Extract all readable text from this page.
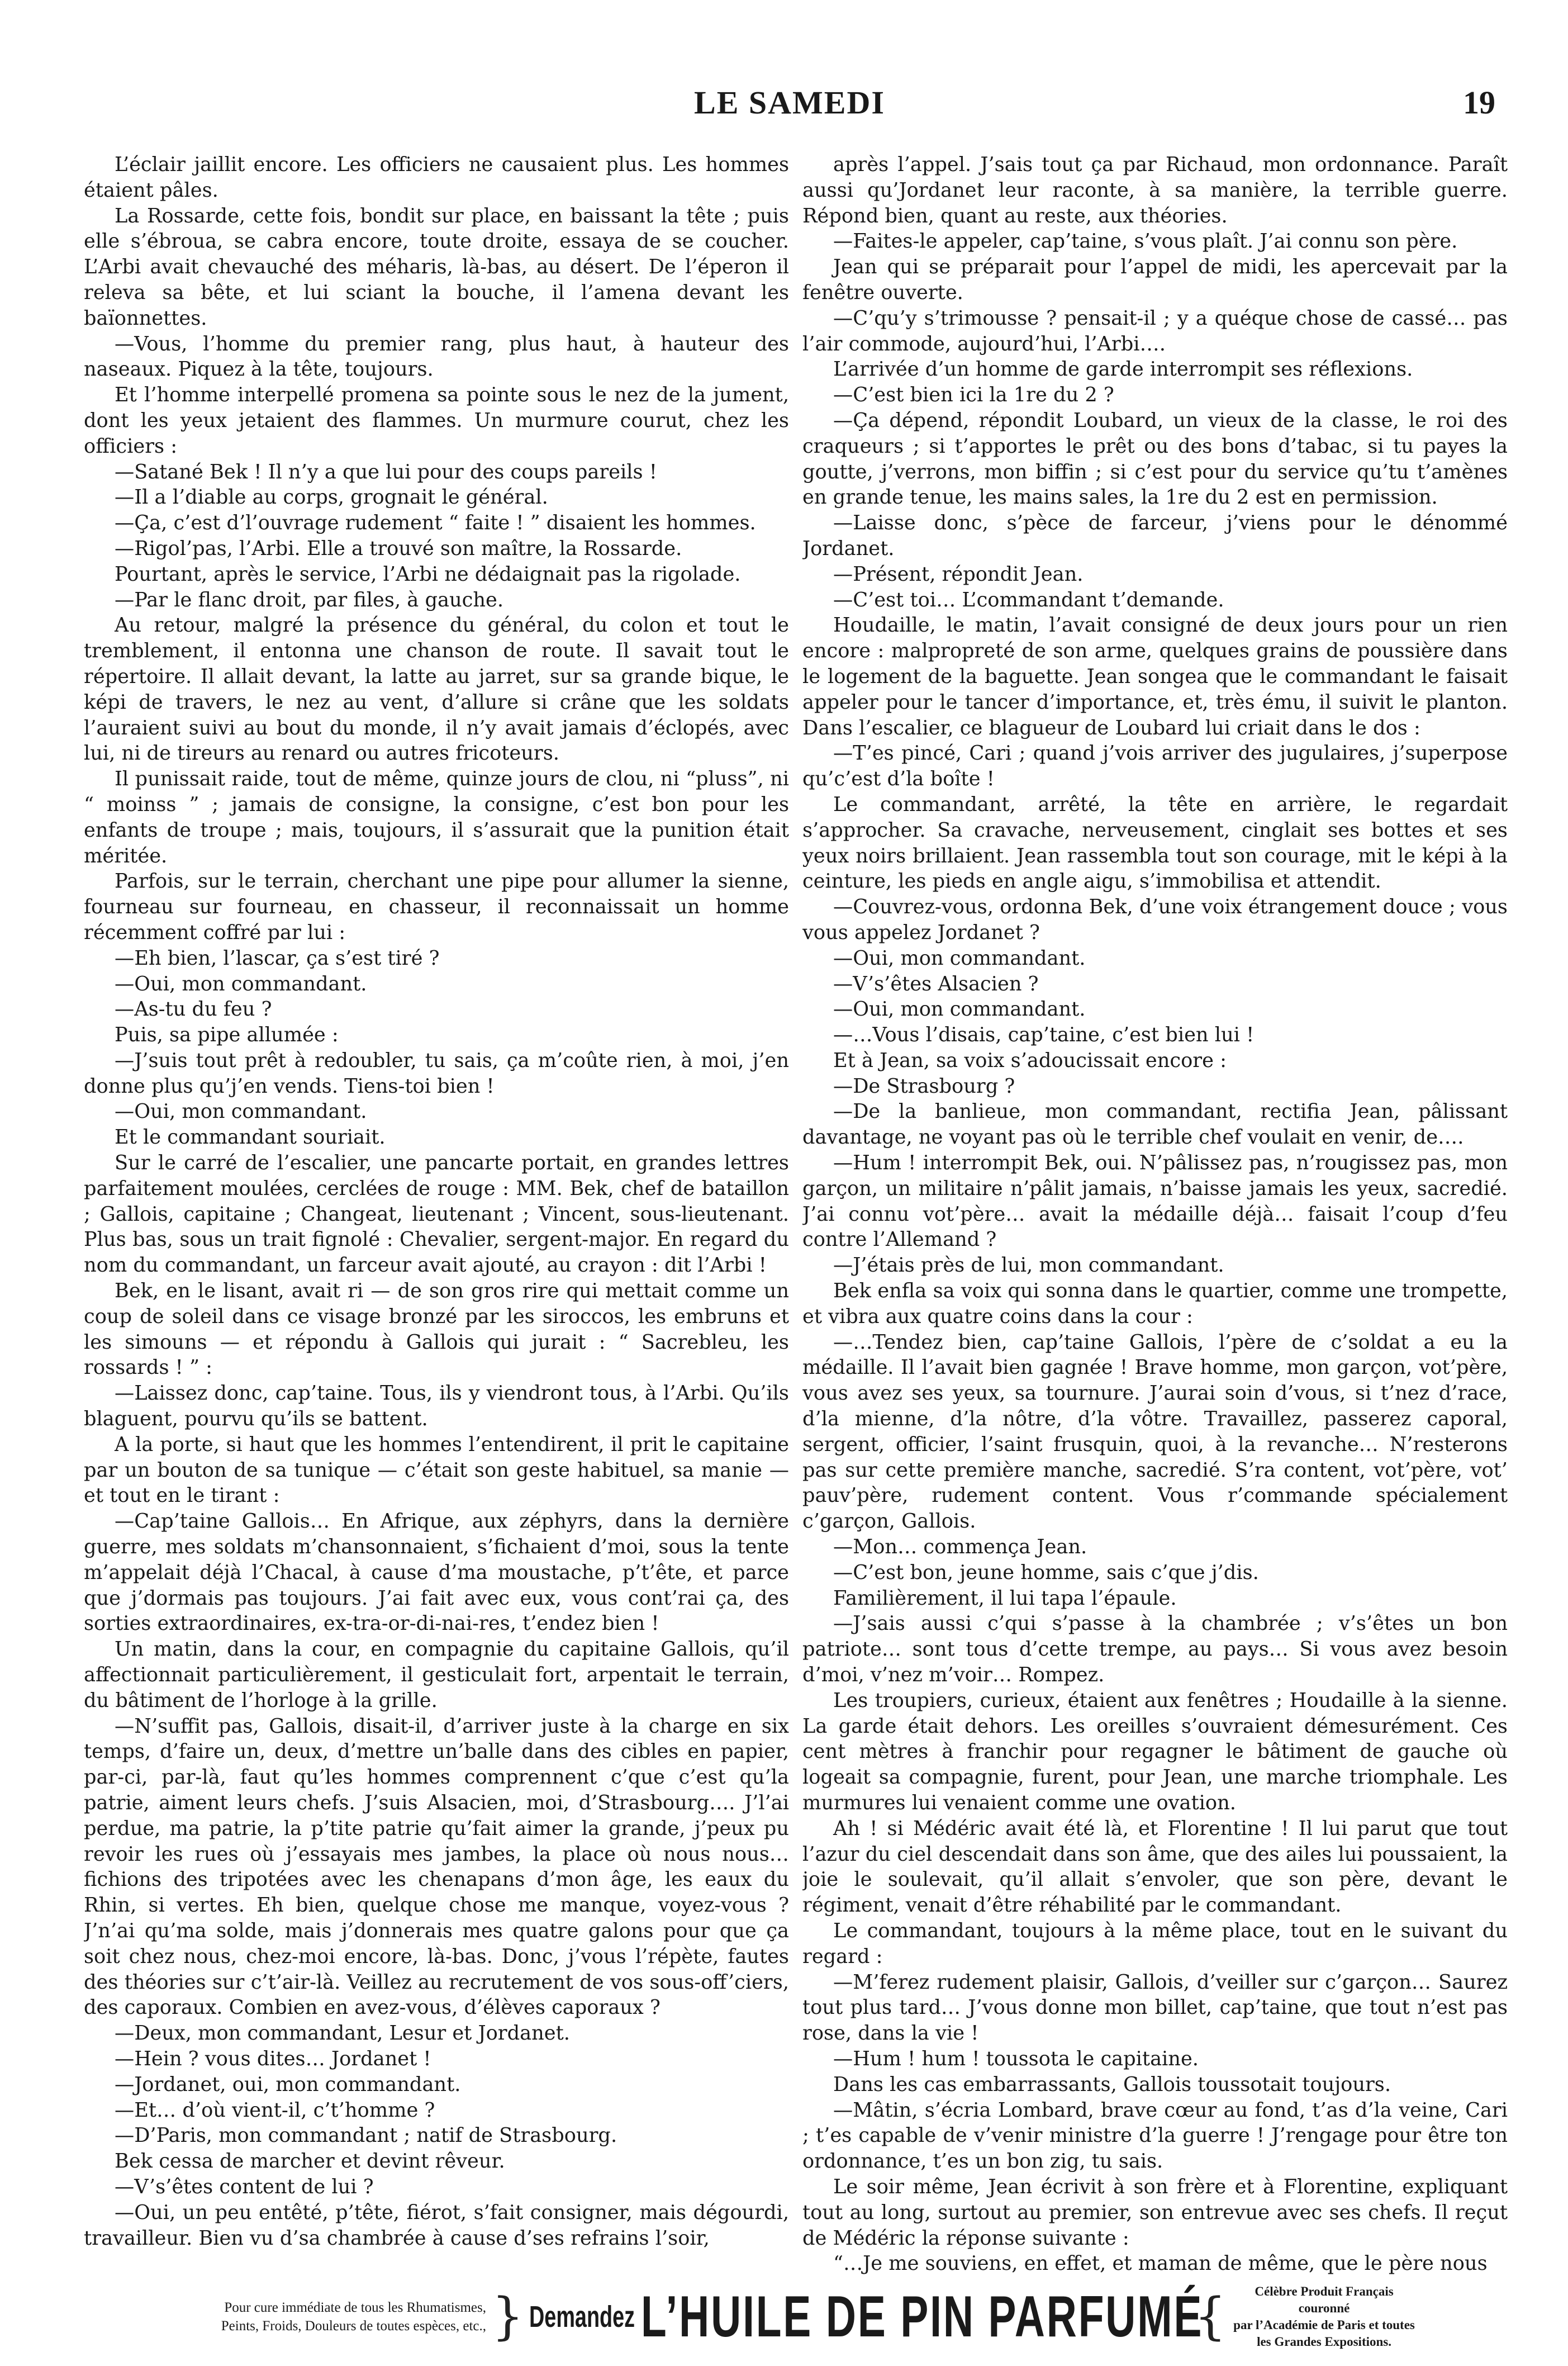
LE SAMEDI	19

L’éclair jaillit encore. Les officiers ne causaient plus. Les hommes étaient pâles.

La Rossarde, cette fois, bondit sur place, en baissant la tête ; puis elle s’ébroua, se cabra encore, toute droite, essaya de se coucher. L’Arbi avait chevauché des méharis, là-bas, au désert. De l’éperon il releva sa bête, et lui sciant la bouche, il l’amena devant les baïonnettes.

—Vous, l’homme du premier rang, plus haut, à hauteur des naseaux. Piquez à la tête, toujours.

Et l’homme interpellé promena sa pointe sous le nez de la jument, dont les yeux jetaient des flammes. Un murmure courut, chez les officiers :

—Satané Bek ! Il n’y a que lui pour des coups pareils !

—Il a l’diable au corps, grognait le général.

—Ça, c’est d’l’ouvrage rudement “ faite ! ” disaient les hommes.

—Rigol’pas, l’Arbi. Elle a trouvé son maître, la Rossarde.

Pourtant, après le service, l’Arbi ne dédaignait pas la rigolade.

—Par le flanc droit, par files, à gauche.

Au retour, malgré la présence du général, du colon et tout le tremblement, il entonna une chanson de route. Il savait tout le répertoire. Il allait devant, la latte au jarret, sur sa grande bique, le képi de travers, le nez au vent, d’allure si crâne que les soldats l’auraient suivi au bout du monde, il n’y avait jamais d’éclopés, avec lui, ni de tireurs au renard ou autres fricoteurs.

Il punissait raide, tout de même, quinze jours de clou, ni “pluss”, ni “ moinss ” ; jamais de consigne, la consigne, c’est bon pour les enfants de troupe ; mais, toujours, il s’assurait que la punition était méritée.

Parfois, sur le terrain, cherchant une pipe pour allumer la sienne, fourneau sur fourneau, en chasseur, il reconnaissait un homme récemment coffré par lui :

—Eh bien, l’lascar, ça s’est tiré ?

—Oui, mon commandant.

—As-tu du feu ?

Puis, sa pipe allumée :

—J’suis tout prêt à redoubler, tu sais, ça m’coûte rien, à moi, j’en donne plus qu’j’en vends. Tiens-toi bien !

—Oui, mon commandant.

Et le commandant souriait.

Sur le carré de l’escalier, une pancarte portait, en grandes lettres parfaitement moulées, cerclées de rouge : MM. Bek, chef de bataillon ; Gallois, capitaine ; Changeat, lieutenant ; Vincent, sous-lieutenant. Plus bas, sous un trait fignolé : Chevalier, sergent-major. En regard du nom du commandant, un farceur avait ajouté, au crayon : dit l’Arbi !

Bek, en le lisant, avait ri — de son gros rire qui mettait comme un coup de soleil dans ce visage bronzé par les siroccos, les embruns et les simouns — et répondu à Gallois qui jurait : “ Sacrebleu, les rossards ! ” :

—Laissez donc, cap’taine. Tous, ils y viendront tous, à l’Arbi. Qu’ils blaguent, pourvu qu’ils se battent.

A la porte, si haut que les hommes l’entendirent, il prit le capitaine par un bouton de sa tunique — c’était son geste habituel, sa manie — et tout en le tirant :

—Cap’taine Gallois… En Afrique, aux zéphyrs, dans la dernière guerre, mes soldats m’chansonnaient, s’fichaient d’moi, sous la tente m’appelait déjà l’Chacal, à cause d’ma moustache, p’t’ête, et parce que j’dormais pas toujours. J’ai fait avec eux, vous cont’rai ça, des sorties extraordinaires, ex-tra-or-di-nai-res, t’endez bien !

Un matin, dans la cour, en compagnie du capitaine Gallois, qu’il affectionnait particulièrement, il gesticulait fort, arpentait le terrain, du bâtiment de l’horloge à la grille.

—N’suffit pas, Gallois, disait-il, d’arriver juste à la charge en six temps, d’faire un, deux, d’mettre un’balle dans des cibles en papier, par-ci, par-là, faut qu’les hommes comprennent c’que c’est qu’la patrie, aiment leurs chefs. J’suis Alsacien, moi, d’Strasbourg…. J’l’ai perdue, ma patrie, la p’tite patrie qu’fait aimer la grande, j’peux pu revoir les rues où j’essayais mes jambes, la place où nous nous… fichions des tripotées avec les chenapans d’mon âge, les eaux du Rhin, si vertes. Eh bien, quelque chose me manque, voyez-vous ? J’n’ai qu’ma solde, mais j’donnerais mes quatre galons pour que ça soit chez nous, chez-moi encore, là-bas. Donc, j’vous l’répète, fautes des théories sur c’t’air-là. Veillez au recrutement de vos sous-off’ciers, des caporaux. Combien en avez-vous, d’élèves caporaux ?

—Deux, mon commandant, Lesur et Jordanet.

—Hein ? vous dites… Jordanet !

—Jordanet, oui, mon commandant.

—Et… d’où vient-il, c’t’homme ?

—D’Paris, mon commandant ; natif de Strasbourg.

Bek cessa de marcher et devint rêveur.

—V’s’êtes content de lui ?

—Oui, un peu entêté, p’tête, fiérot, s’fait consigner, mais dégourdi, travailleur. Bien vu d’sa chambrée à cause d’ses refrains l’soir,

après l’appel. J’sais tout ça par Richaud, mon ordonnance. Paraît aussi qu’Jordanet leur raconte, à sa manière, la terrible guerre. Répond bien, quant au reste, aux théories.

—Faites-le appeler, cap’taine, s’vous plaît. J’ai connu son père.

Jean qui se préparait pour l’appel de midi, les apercevait par la fenêtre ouverte.

—C’qu’y s’trimousse ? pensait-il ; y a quéque chose de cassé… pas l’air commode, aujourd’hui, l’Arbi….

L’arrivée d’un homme de garde interrompit ses réflexions.

—C’est bien ici la 1re du 2 ?

—Ça dépend, répondit Loubard, un vieux de la classe, le roi des craqueurs ; si t’apportes le prêt ou des bons d’tabac, si tu payes la goutte, j’verrons, mon biffin ; si c’est pour du service qu’tu t’amènes en grande tenue, les mains sales, la 1re du 2 est en permission.

—Laisse donc, s’pèce de farceur, j’viens pour le dénommé Jordanet.

—Présent, répondit Jean.

—C’est toi… L’commandant t’demande.

Houdaille, le matin, l’avait consigné de deux jours pour un rien encore : malpropreté de son arme, quelques grains de poussière dans le logement de la baguette. Jean songea que le commandant le faisait appeler pour le tancer d’importance, et, très ému, il suivit le planton. Dans l’escalier, ce blagueur de Loubard lui criait dans le dos :

—T’es pincé, Cari ; quand j’vois arriver des jugulaires, j’superpose qu’c’est d’la boîte !

Le commandant, arrêté, la tête en arrière, le regardait s’approcher. Sa cravache, nerveusement, cinglait ses bottes et ses yeux noirs brillaient. Jean rassembla tout son courage, mit le képi à la ceinture, les pieds en angle aigu, s’immobilisa et attendit.

—Couvrez-vous, ordonna Bek, d’une voix étrangement douce ; vous vous appelez Jordanet ?

—Oui, mon commandant.

—V’s’êtes Alsacien ?

—Oui, mon commandant.

—…Vous l’disais, cap’taine, c’est bien lui !

Et à Jean, sa voix s’adoucissait encore :

—De Strasbourg ?

—De la banlieue, mon commandant, rectifia Jean, pâlissant davantage, ne voyant pas où le terrible chef voulait en venir, de….

—Hum ! interrompit Bek, oui. N’pâlissez pas, n’rougissez pas, mon garçon, un militaire n’pâlit jamais, n’baisse jamais les yeux, sacredié. J’ai connu vot’père… avait la médaille déjà… faisait l’coup d’feu contre l’Allemand ?

—J’étais près de lui, mon commandant.

Bek enfla sa voix qui sonna dans le quartier, comme une trompette, et vibra aux quatre coins dans la cour :

—…Tendez bien, cap’taine Gallois, l’père de c’soldat a eu la médaille. Il l’avait bien gagnée ! Brave homme, mon garçon, vot’père, vous avez ses yeux, sa tournure. J’aurai soin d’vous, si t’nez d’race, d’la mienne, d’la nôtre, d’la vôtre. Travaillez, passerez caporal, sergent, officier, l’saint frusquin, quoi, à la revanche… N’resterons pas sur cette première manche, sacredié. S’ra content, vot’père, vot’ pauv’père, rudement content. Vous r’commande spécialement c’garçon, Gallois.

—Mon… commença Jean.

—C’est bon, jeune homme, sais c’que j’dis.

Familièrement, il lui tapa l’épaule.

—J’sais aussi c’qui s’passe à la chambrée ; v’s’êtes un bon patriote… sont tous d’cette trempe, au pays… Si vous avez besoin d’moi, v’nez m’voir… Rompez.

Les troupiers, curieux, étaient aux fenêtres ; Houdaille à la sienne. La garde était dehors. Les oreilles s’ouvraient démesurément. Ces cent mètres à franchir pour regagner le bâtiment de gauche où logeait sa compagnie, furent, pour Jean, une marche triomphale. Les murmures lui venaient comme une ovation.

Ah ! si Médéric avait été là, et Florentine ! Il lui parut que tout l’azur du ciel descendait dans son âme, que des ailes lui poussaient, la joie le soulevait, qu’il allait s’envoler, que son père, devant le régiment, venait d’être réhabilité par le commandant.

Le commandant, toujours à la même place, tout en le suivant du regard :

—M’ferez rudement plaisir, Gallois, d’veiller sur c’garçon… Saurez tout plus tard… J’vous donne mon billet, cap’taine, que tout n’est pas rose, dans la vie !

—Hum ! hum ! toussota le capitaine.

Dans les cas embarrassants, Gallois toussotait toujours.

—Mâtin, s’écria Lombard, brave cœur au fond, t’as d’la veine, Cari ; t’es capable de v’venir ministre d’la guerre ! J’rengage pour être ton ordonnance, t’es un bon zig, tu sais.

Le soir même, Jean écrivit à son frère et à Florentine, expliquant tout au long, surtout au premier, son entrevue avec ses chefs. Il reçut de Médéric la réponse suivante :

“…Je me souviens, en effet, et maman de même, que le père nous

Pour cure immédiate de tous les Rhumatismes,
Peints, Froids, Douleurs de toutes espèces, etc., } Demandez L’HUILE DE PIN PARFUMÉ
{	Célèbre Produit Français couronné
par l’Académie de Paris et toutes
les Grandes Expositions.
